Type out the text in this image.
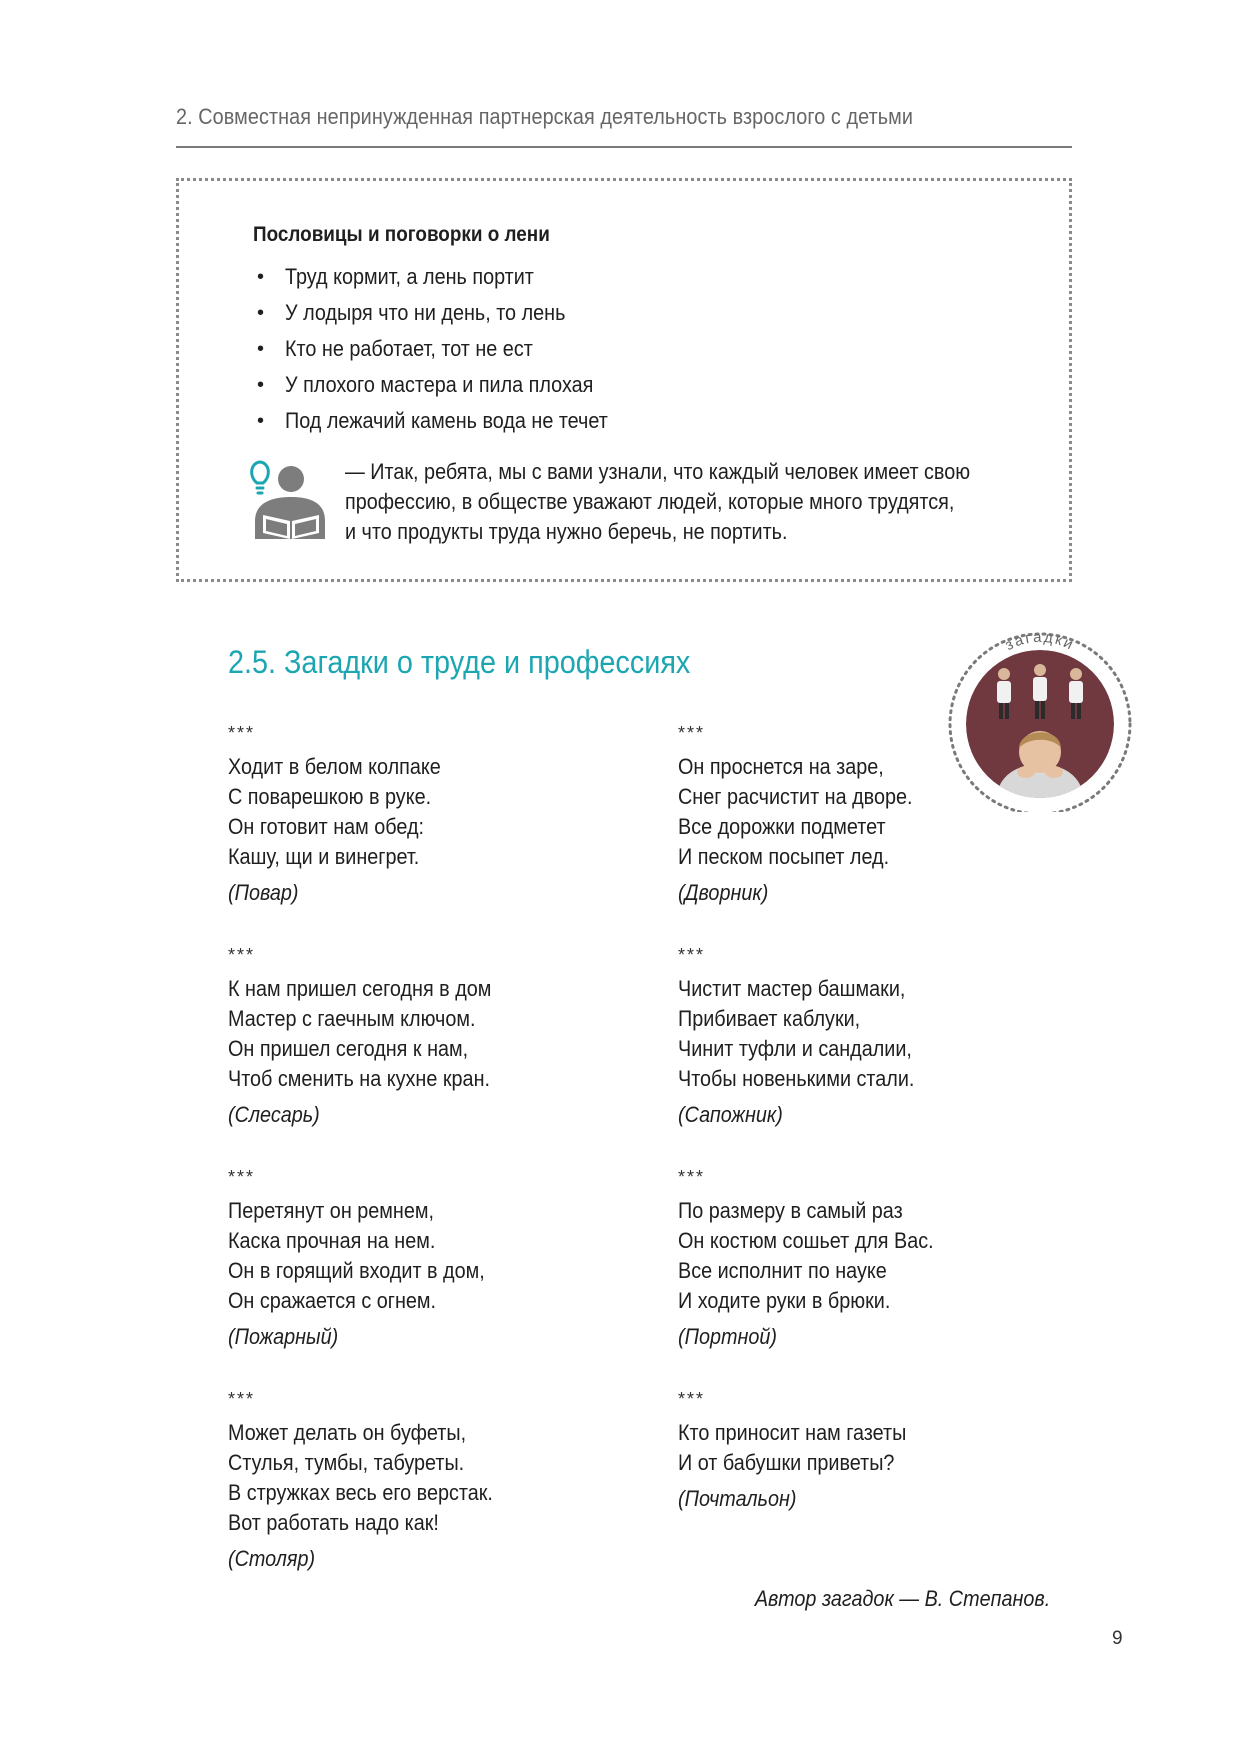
2. Совместная непринужденная партнерская деятельность взрослого с детьми
Пословицы и поговорки о лени
• Труд кормит, а лень портит
• У лодыря что ни день, то лень
• Кто не работает, тот не ест
• У плохого мастера и пила плохая
• Под лежачий камень вода не течет
— Итак, ребята, мы с вами узнали, что каждый человек имеет свою
профессию, в обществе уважают людей, которые много трудятся,
и что продукты труда нужно беречь, не портить.
2.5. Загадки о труде и профессиях	загадки
***
Ходит в белом колпаке
С поварешкою в руке.
Он готовит нам обед:
Кашу, щи и винегрет.
(Повар)
***
Он проснется на заре,
Снег расчистит на дворе.
Все дорожки подметет
И песком посыпет лед.
(Дворник)
***
К нам пришел сегодня в дом
Мастер с гаечным ключом.
Он пришел сегодня к нам,
Чтоб сменить на кухне кран.
(Слесарь)
***
Чистит мастер башмаки,
Прибивает каблуки,
Чинит туфли и сандалии,
Чтобы новенькими стали.
(Сапожник)
***
Перетянут он ремнем,
Каска прочная на нем.
Он в горящий входит в дом,
Он сражается с огнем.
(Пожарный)
***
По размеру в самый раз
Он костюм сошьет для Вас.
Все исполнит по науке
И ходите руки в брюки.
(Портной)
***
Может делать он буфеты,
Стулья, тумбы, табуреты.
В стружках весь его верстак.
Вот работать надо как!
(Столяр)
***
Кто приносит нам газеты
И от бабушки приветы?
(Почтальон)
Автор загадок — В. Степанов.
9
